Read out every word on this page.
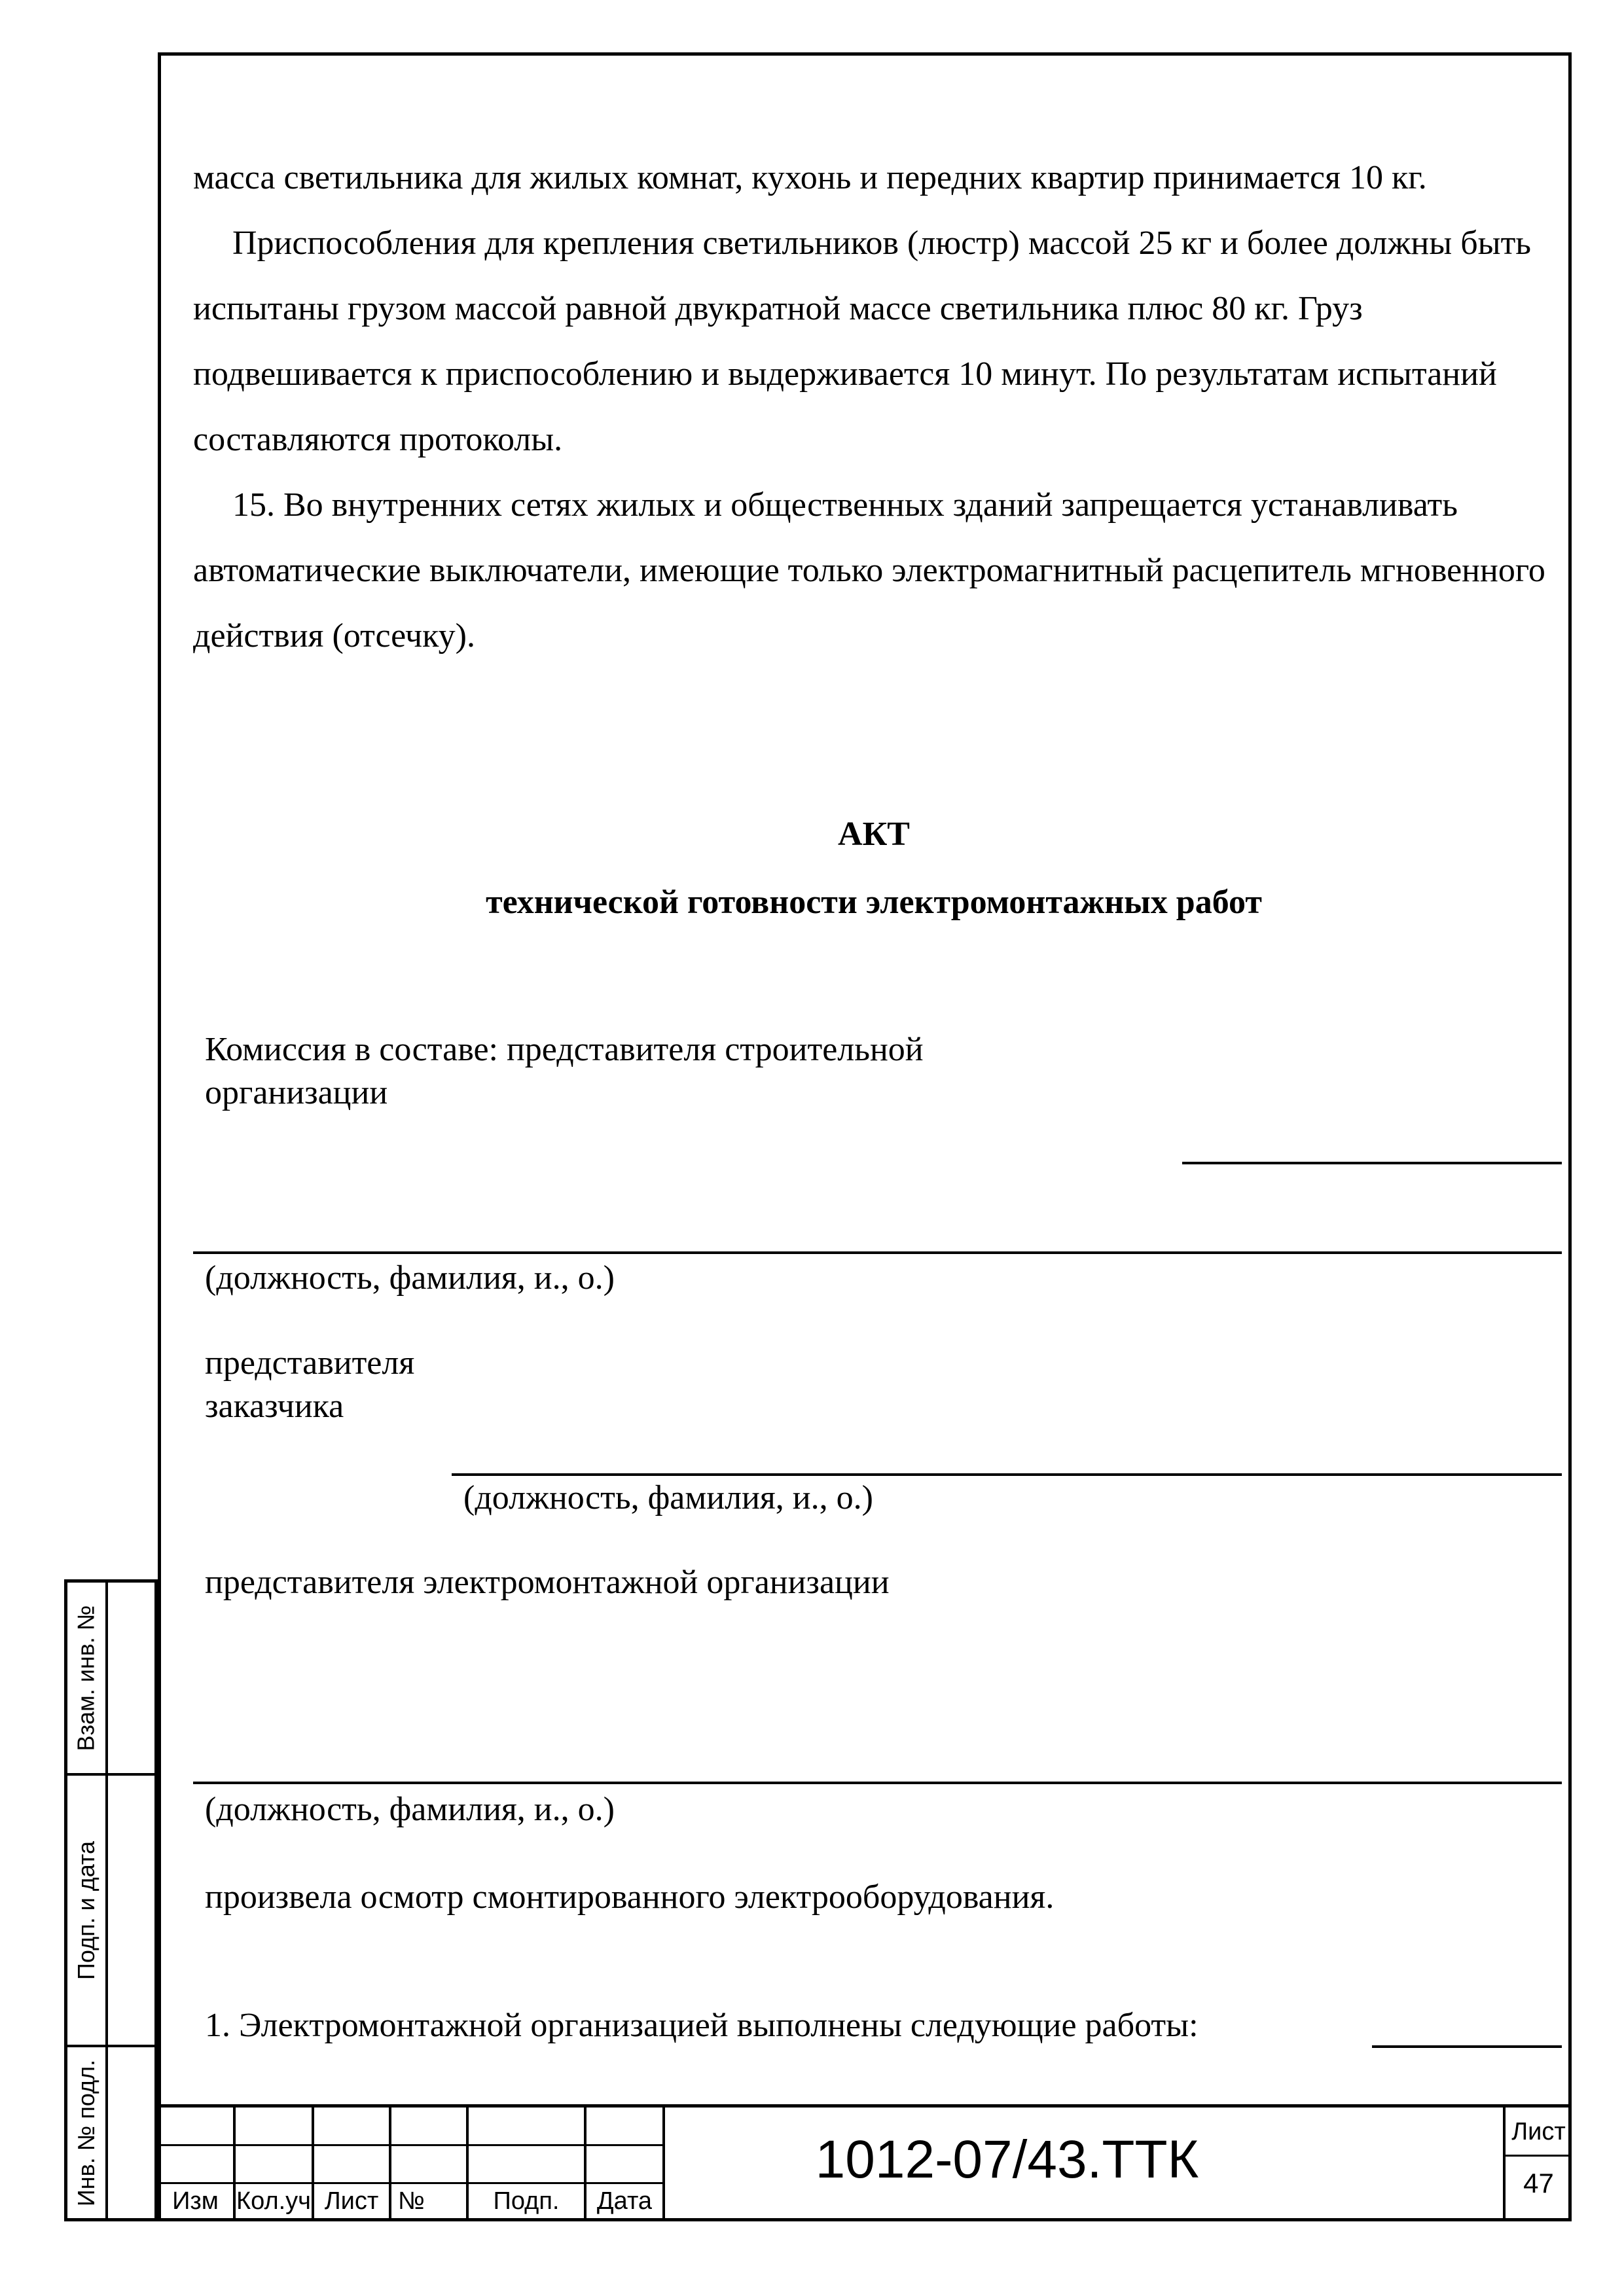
масса светильника для жилых комнат, кухонь и передних квартир принимается 10 кг.

Приспособления для крепления светильников (люстр) массой 25 кг и более должны быть испытаны грузом массой равной двукратной массе светильника плюс 80 кг. Груз подвешивается к приспособлению и выдерживается 10 минут. По результатам испытаний составляются протоколы.

15. Во внутренних сетях жилых и общественных зданий запрещается устанавливать автоматические выключатели, имеющие только электромагнитный расцепитель мгновенного действия (отсечку).

АКТ
технической готовности электромонтажных работ

Комиссия в составе: представителя строительной организации

(должность, фамилия, и., о.)

представителя заказчика

(должность, фамилия, и., о.)

представителя электромонтажной организации

(должность, фамилия, и., о.)

произвела осмотр смонтированного электрооборудования.

1. Электромонтажной организацией выполнены следующие работы:

Взам. инв. №
Подп. и дата
Инв. № подл.	Изм Кол.уч Лист №	Подп.	Дата
1012-07/43.ТТК	Лист
47
